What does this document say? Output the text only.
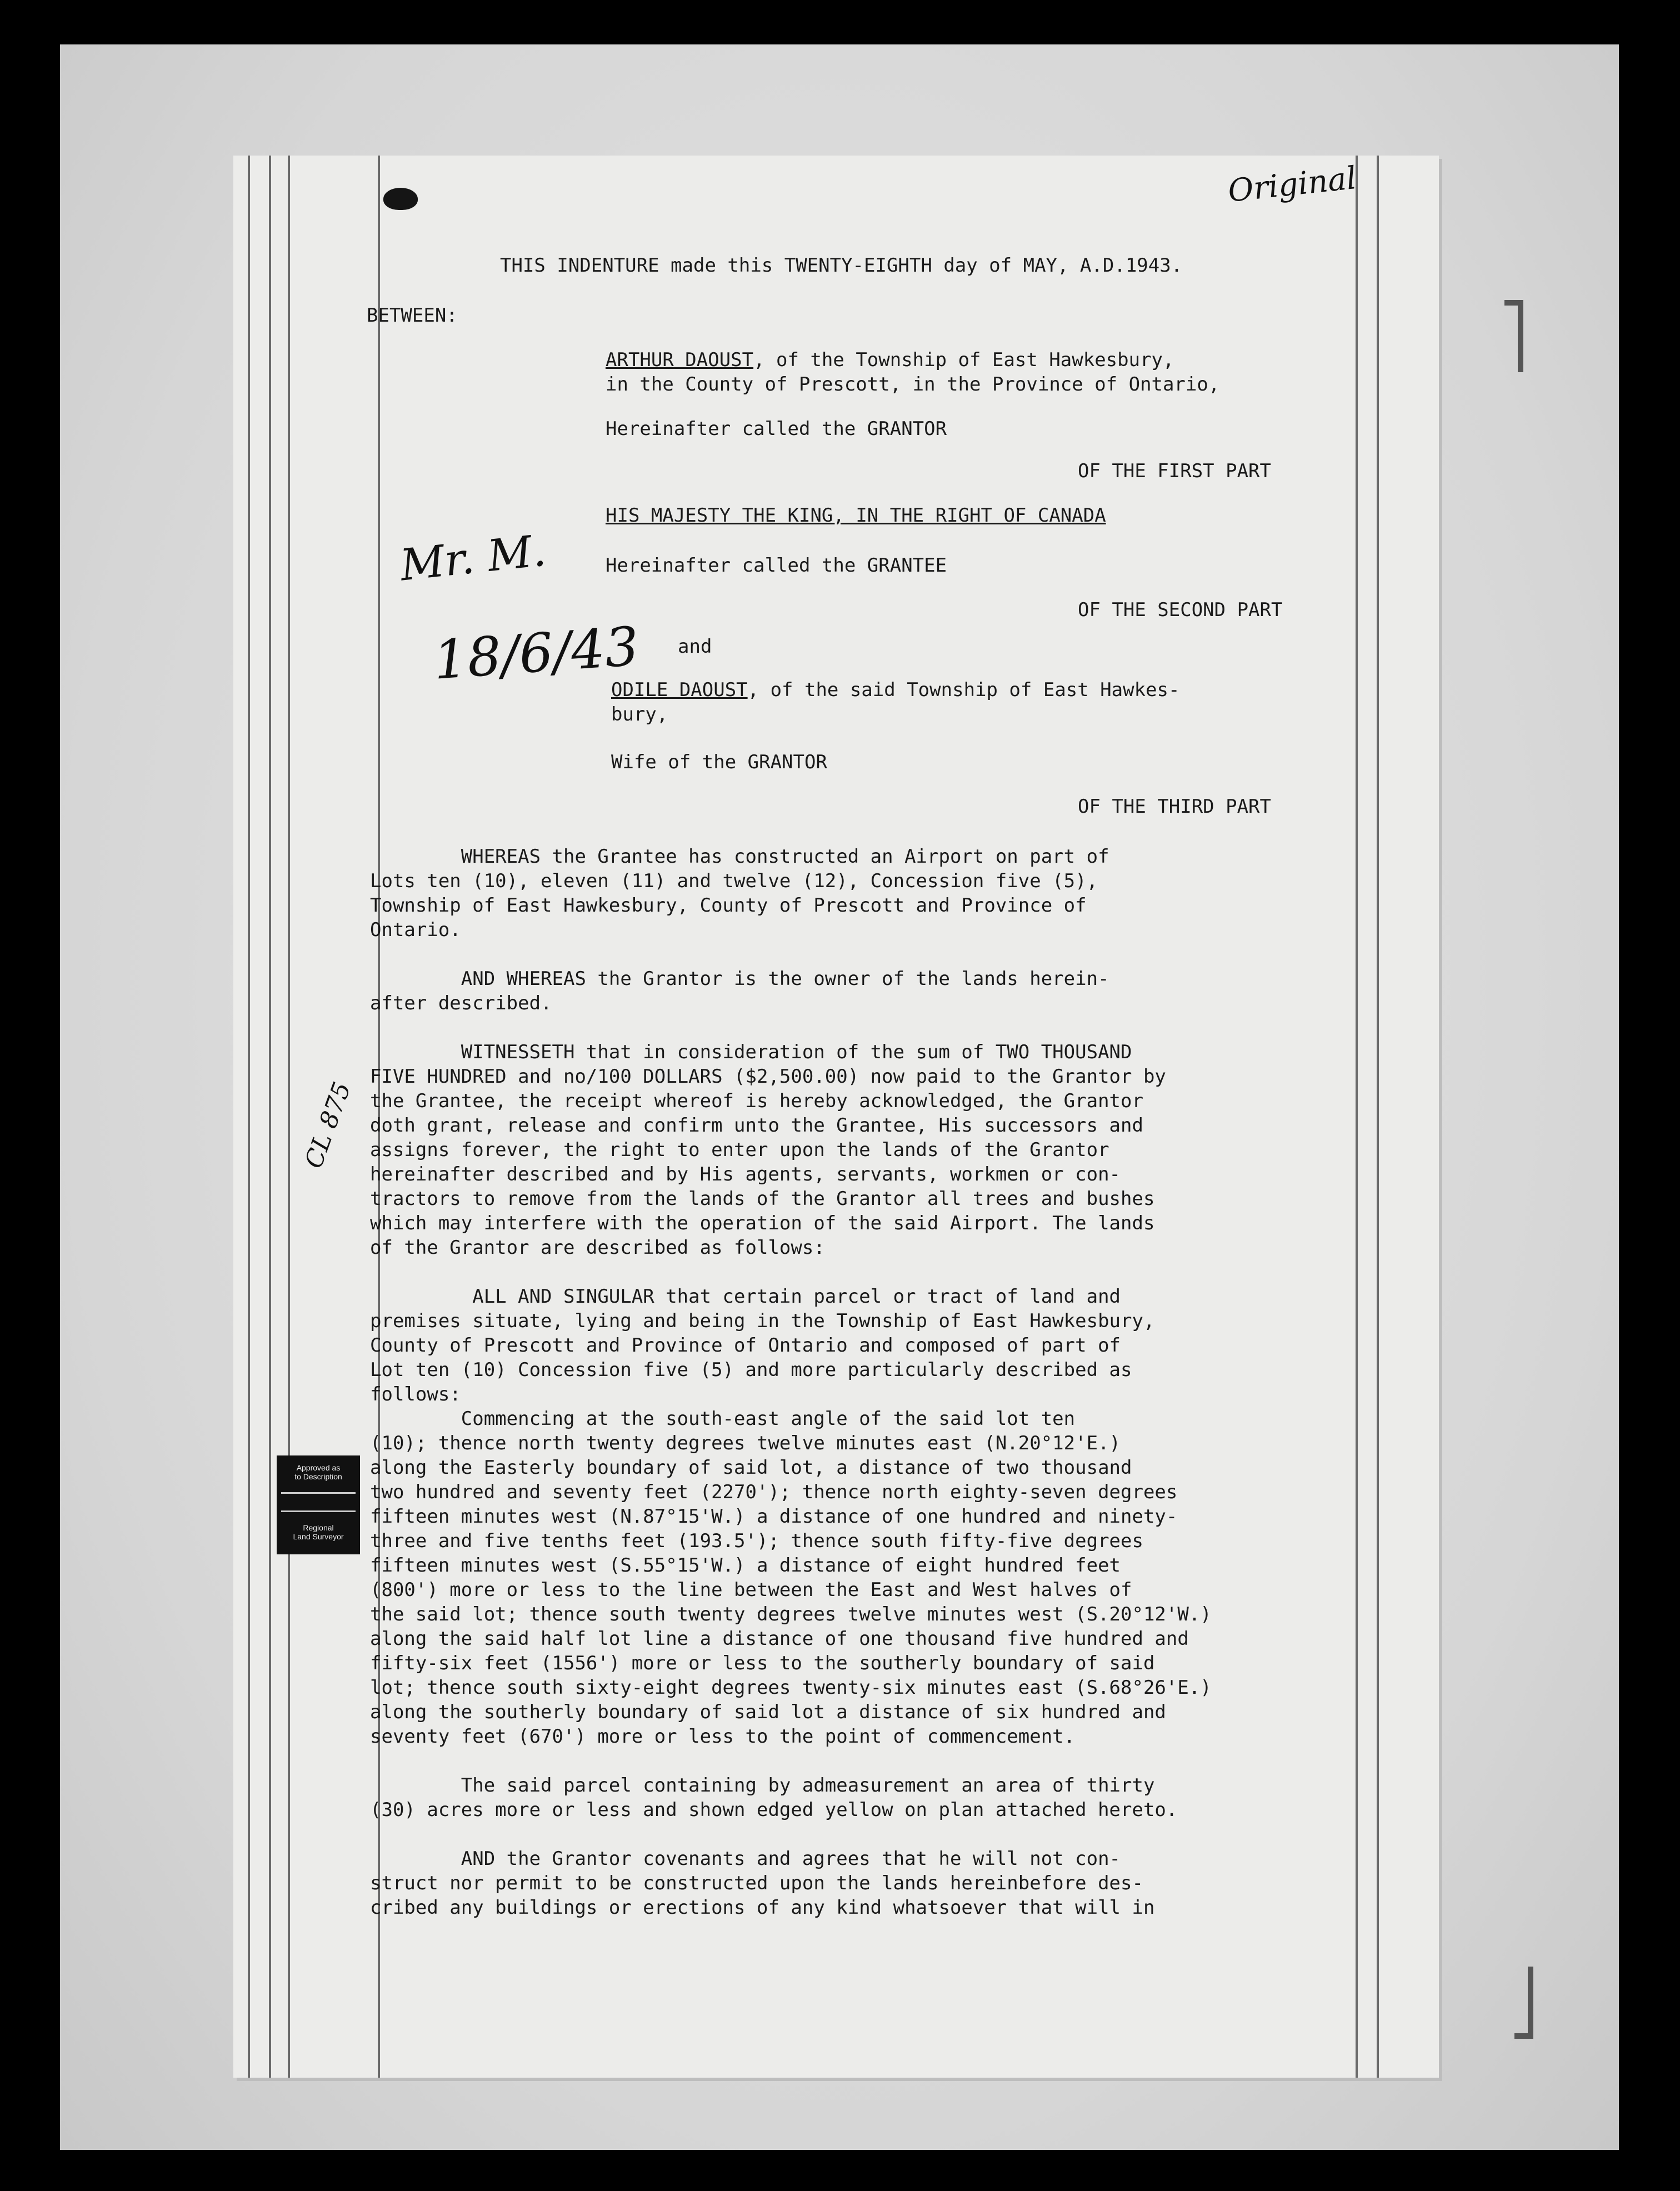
Original
Mr. M.
18/6/43
CL 875
THIS INDENTURE made this TWENTY-EIGHTH day of MAY, A.D.1943.
BETWEEN:
ARTHUR DAOUST, of the Township of East Hawkesbury,
in the County of Prescott, in the Province of Ontario,
Hereinafter called the GRANTOR
OF THE FIRST PART
HIS MAJESTY THE KING, IN THE RIGHT OF CANADA
Hereinafter called the GRANTEE
OF THE SECOND PART
and
ODILE DAOUST, of the said Township of East Hawkes-
bury,
Wife of the GRANTOR
OF THE THIRD PART
WHEREAS the Grantee has constructed an Airport on part of
Lots ten (10), eleven (11) and twelve (12), Concession five (5),
Township of East Hawkesbury, County of Prescott and Province of
Ontario.
AND WHEREAS the Grantor is the owner of the lands herein-
after described.
WITNESSETH that in consideration of the sum of TWO THOUSAND
FIVE HUNDRED and no/100 DOLLARS ($2,500.00) now paid to the Grantor by
the Grantee, the receipt whereof is hereby acknowledged, the Grantor
doth grant, release and confirm unto the Grantee, His successors and
assigns forever, the right to enter upon the lands of the Grantor
hereinafter described and by His agents, servants, workmen or con-
tractors to remove from the lands of the Grantor all trees and bushes
which may interfere with the operation of the said Airport. The lands
of the Grantor are described as follows:
ALL AND SINGULAR that certain parcel or tract of land and
premises situate, lying and being in the Township of East Hawkesbury,
County of Prescott and Province of Ontario and composed of part of
Lot ten (10) Concession five (5) and more particularly described as
follows:
Commencing at the south-east angle of the said lot ten
(10); thence north twenty degrees twelve minutes east (N.20°12'E.)
along the Easterly boundary of said lot, a distance of two thousand
two hundred and seventy feet (2270'); thence north eighty-seven degrees
fifteen minutes west (N.87°15'W.) a distance of one hundred and ninety-
three and five tenths feet (193.5'); thence south fifty-five degrees
fifteen minutes west (S.55°15'W.) a distance of eight hundred feet
(800') more or less to the line between the East and West halves of
the said lot; thence south twenty degrees twelve minutes west (S.20°12'W.)
along the said half lot line a distance of one thousand five hundred and
fifty-six feet (1556') more or less to the southerly boundary of said
lot; thence south sixty-eight degrees twenty-six minutes east (S.68°26'E.)
along the southerly boundary of said lot a distance of six hundred and
seventy feet (670') more or less to the point of commencement.
The said parcel containing by admeasurement an area of thirty
(30) acres more or less and shown edged yellow on plan attached hereto.
AND the Grantor covenants and agrees that he will not con-
struct nor permit to be constructed upon the lands hereinbefore des-
cribed any buildings or erections of any kind whatsoever that will in
Approved as
to Description
Regional
Land Surveyor
